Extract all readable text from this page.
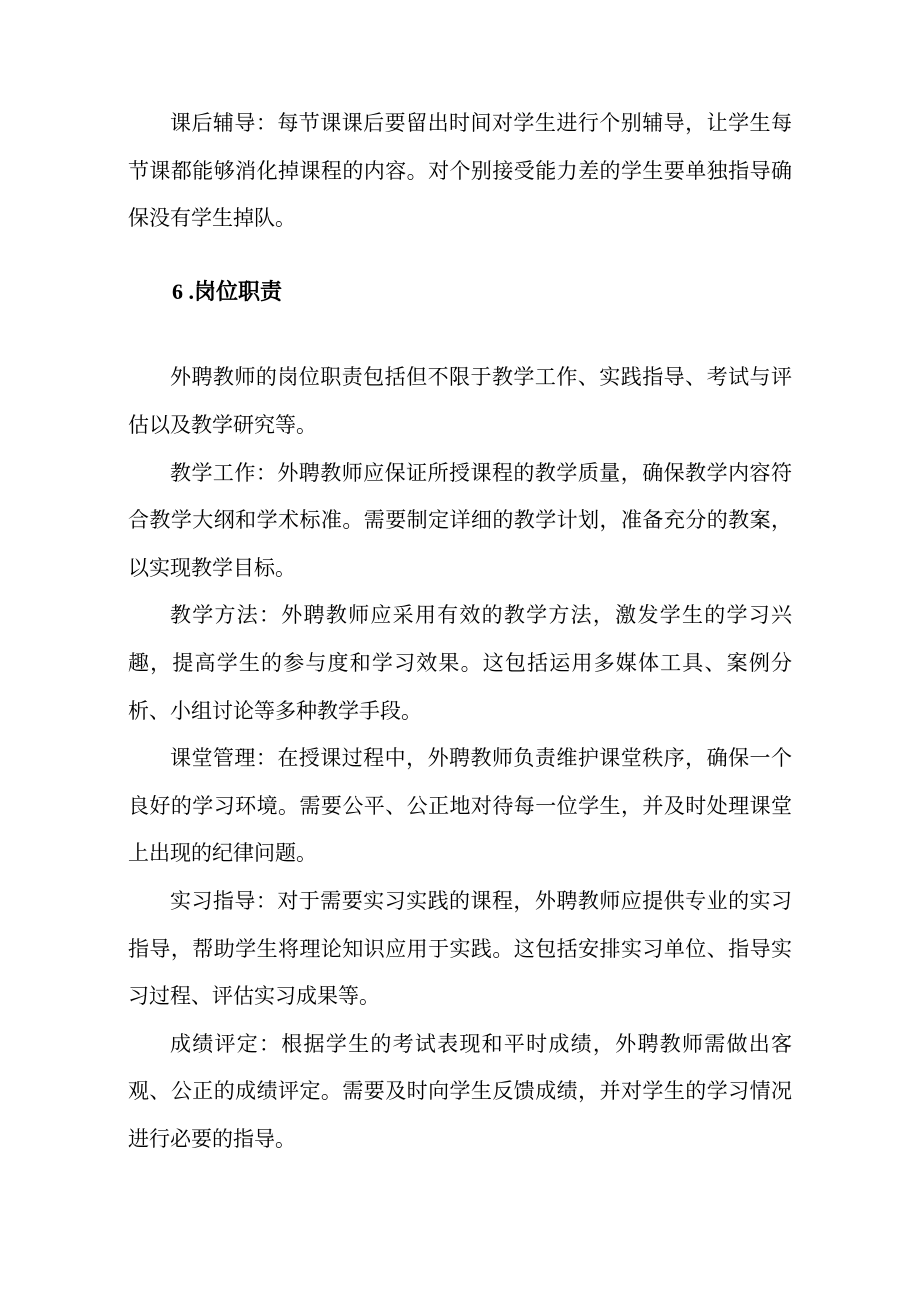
课后辅导：每节课课后要留出时间对学生进行个别辅导，让学生每节课都能够消化掉课程的内容。对个别接受能力差的学生要单独指导确保没有学生掉队。

6 .岗位职责

外聘教师的岗位职责包括但不限于教学工作、实践指导、考试与评估以及教学研究等。

教学工作：外聘教师应保证所授课程的教学质量，确保教学内容符合教学大纲和学术标准。需要制定详细的教学计划，准备充分的教案，以实现教学目标。

教学方法：外聘教师应采用有效的教学方法，激发学生的学习兴趣，提高学生的参与度和学习效果。这包括运用多媒体工具、案例分析、小组讨论等多种教学手段。

课堂管理：在授课过程中，外聘教师负责维护课堂秩序，确保一个良好的学习环境。需要公平、公正地对待每一位学生，并及时处理课堂上出现的纪律问题。

实习指导：对于需要实习实践的课程，外聘教师应提供专业的实习指导，帮助学生将理论知识应用于实践。这包括安排实习单位、指导实习过程、评估实习成果等。

成绩评定：根据学生的考试表现和平时成绩，外聘教师需做出客观、公正的成绩评定。需要及时向学生反馈成绩，并对学生的学习情况进行必要的指导。
